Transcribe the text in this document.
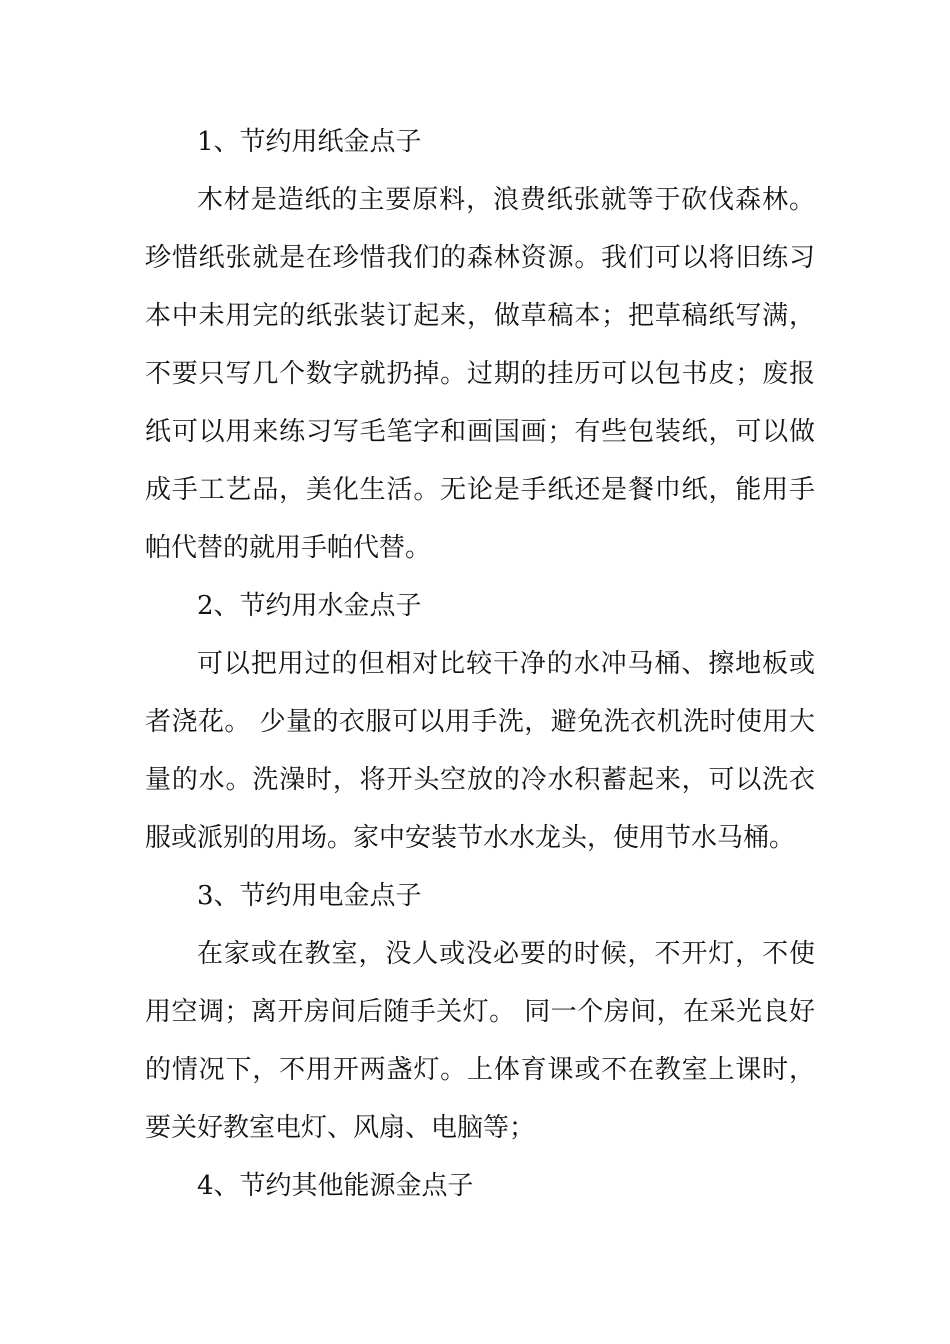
1、节约用纸金点子

木材是造纸的主要原料，浪费纸张就等于砍伐森林。珍惜纸张就是在珍惜我们的森林资源。我们可以将旧练习本中未用完的纸张装订起来，做草稿本；把草稿纸写满，不要只写几个数字就扔掉。过期的挂历可以包书皮；废报纸可以用来练习写毛笔字和画国画；有些包装纸，可以做成手工艺品，美化生活。无论是手纸还是餐巾纸，能用手帕代替的就用手帕代替。

2、节约用水金点子

可以把用过的但相对比较干净的水冲马桶、擦地板或者浇花。 少量的衣服可以用手洗，避免洗衣机洗时使用大量的水。洗澡时，将开头空放的冷水积蓄起来，可以洗衣服或派别的用场。家中安装节水水龙头，使用节水马桶。

3、节约用电金点子

在家或在教室，没人或没必要的时候，不开灯，不使用空调；离开房间后随手关灯。 同一个房间，在采光良好的情况下，不用开两盏灯。上体育课或不在教室上课时，要关好教室电灯、风扇、电脑等；

4、节约其他能源金点子
